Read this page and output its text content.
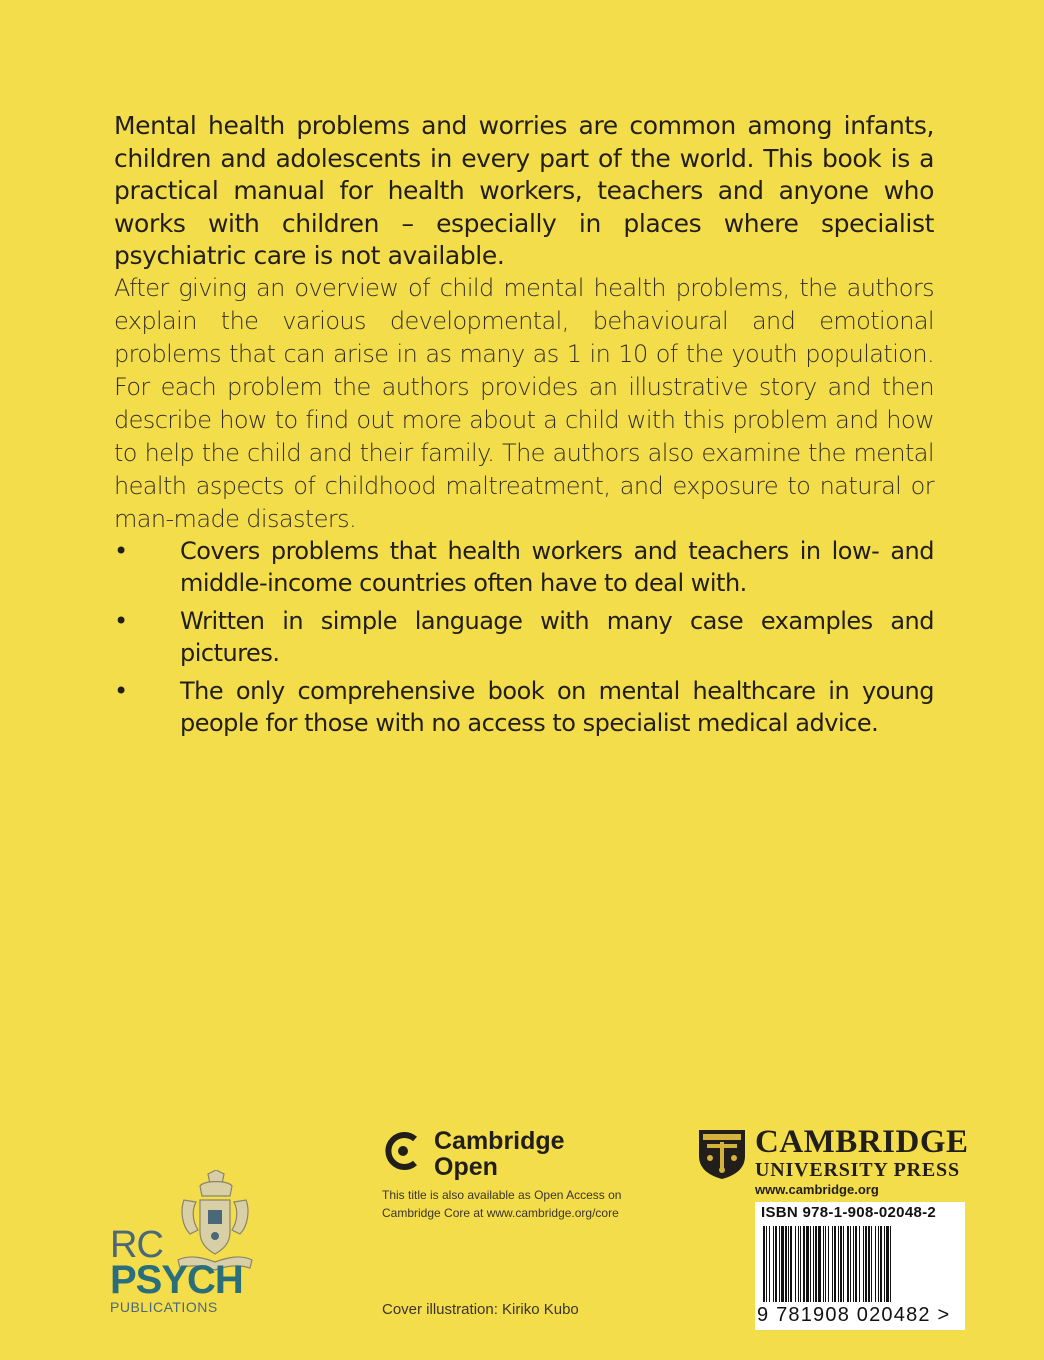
Mental health problems and worries are common among infants, children and adolescents in every part of the world. This book is a practical manual for health workers, teachers and anyone who works with children – especially in places where specialist psychiatric care is not available.

After giving an overview of child mental health problems, the authors explain the various developmental, behavioural and emotional problems that can arise in as many as 1 in 10 of the youth population. For each problem the authors provides an illustrative story and then describe how to find out more about a child with this problem and how to help the child and their family. The authors also examine the mental health aspects of childhood maltreatment, and exposure to natural or man-made disasters.

• Covers problems that health workers and teachers in low- and middle-income countries often have to deal with.
• Written in simple language with many case examples and pictures.
• The only comprehensive book on mental healthcare in young people for those with no access to specialist medical advice.
RC
PSYCH
PUBLICATIONS
Cambridge
Open
This title is also available as Open Access on
Cambridge Core at www.cambridge.org/core
Cover illustration: Kiriko Kubo
CAMBRIDGE
UNIVERSITY PRESS
www.cambridge.org
ISBN 978-1-908-02048-2
9 781908 020482 >
